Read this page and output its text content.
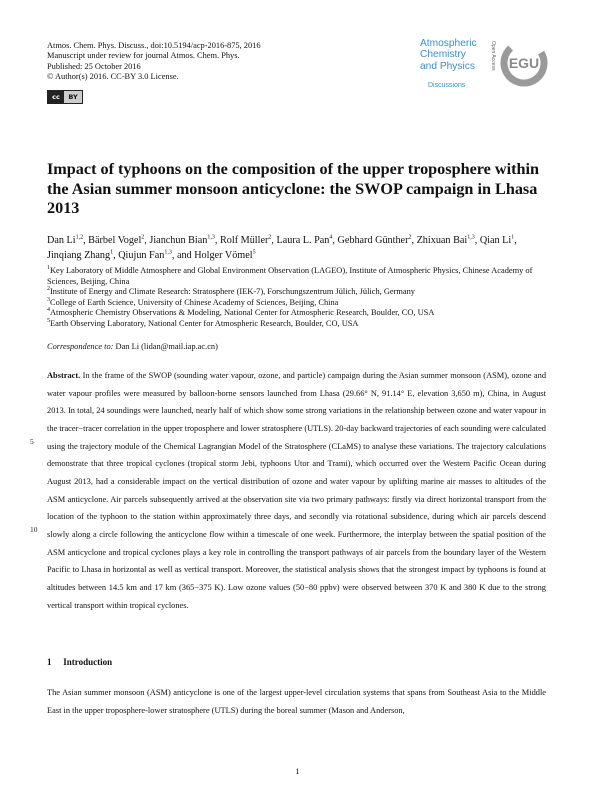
Atmos. Chem. Phys. Discuss., doi:10.5194/acp-2016-875, 2016
Manuscript under review for journal Atmos. Chem. Phys.
Published: 25 October 2016
© Author(s) 2016. CC-BY 3.0 License.
cc	BY
Atmospheric
Chemistry
and Physics
Discussions
Open Access EGU
Impact of typhoons on the composition of the upper troposphere within the Asian summer monsoon anticyclone: the SWOP campaign in Lhasa 2013
Dan Li$^{1,2}$, Bärbel Vogel$^2$, Jianchun Bian$^{1,3}$, Rolf Müller$^2$, Laura L. Pan$^4$, Gebhard Günther$^2$, Zhixuan Bai$^{1,3}$, Qian Li$^1$, Jinqiang Zhang$^1$, Qiujun Fan$^{1,3}$, and Holger Vömel$^5$
$^1$Key Laboratory of Middle Atmosphere and Global Environment Observation (LAGEO), Institute of Atmospheric Physics, Chinese Academy of Sciences, Beijing, China
$^2$Institute of Energy and Climate Research: Stratosphere (IEK-7), Forschungszentrum Jülich, Jülich, Germany
$^3$College of Earth Science, University of Chinese Academy of Sciences, Beijing, China
$^4$Atmospheric Chemistry Observations & Modeling, National Center for Atmospheric Research, Boulder, CO, USA
$^5$Earth Observing Laboratory, National Center for Atmospheric Research, Boulder, CO, USA
Correspondence to: Dan Li (lidan@mail.iap.ac.cn)
Abstract. In the frame of the SWOP (sounding water vapour, ozone, and particle) campaign during the Asian summer monsoon (ASM), ozone and water vapour profiles were measured by balloon-borne sensors launched from Lhasa (29.66° N, 91.14° E, elevation 3,650 m), China, in August 2013. In total, 24 soundings were launched, nearly half of which show some strong variations in the relationship between ozone and water vapour in the tracer−tracer correlation in the upper troposphere and lower stratosphere (UTLS). 20-day backward trajectories of each sounding were calculated using the trajectory module of the Chemical Lagrangian Model of the Stratosphere (CLaMS) to analyse these variations. The trajectory calculations demonstrate that three tropical cyclones (tropical storm Jebi, typhoons Utor and Trami), which occurred over the Western Pacific Ocean during August 2013, had a considerable impact on the vertical distribution of ozone and water vapour by uplifting marine air masses to altitudes of the ASM anticyclone. Air parcels subsequently arrived at the observation site via two primary pathways: firstly via direct horizontal transport from the location of the typhoon to the station within approximately three days, and secondly via rotational subsidence, during which air parcels descend slowly along a circle following the anticyclone flow within a timescale of one week. Furthermore, the interplay between the spatial position of the ASM anticyclone and tropical cyclones plays a key role in controlling the transport pathways of air parcels from the boundary layer of the Western Pacific to Lhasa in horizontal as well as vertical transport. Moreover, the statistical analysis shows that the strongest impact by typhoons is found at altitudes between 14.5 km and 17 km (365−375 K). Low ozone values (50−80 ppbv) were observed between 370 K and 380 K due to the strong vertical transport within tropical cyclones.
5
10
1 Introduction
The Asian summer monsoon (ASM) anticyclone is one of the largest upper-level circulation systems that spans from Southeast Asia to the Middle East in the upper troposphere-lower stratosphere (UTLS) during the boreal summer (Mason and Anderson,
1
